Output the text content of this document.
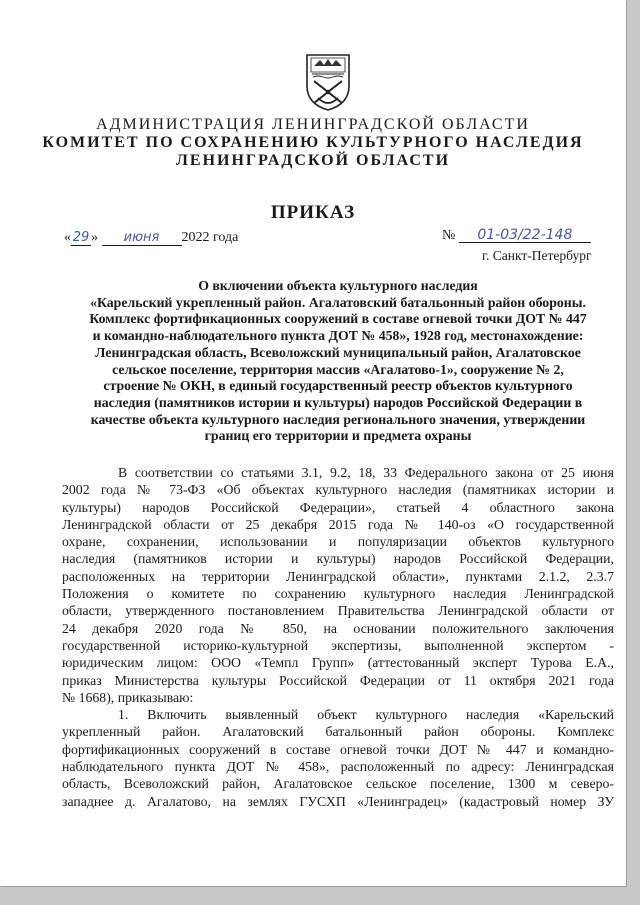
АДМИНИСТРАЦИЯ ЛЕНИНГРАДСКОЙ ОБЛАСТИ
КОМИТЕТ ПО СОХРАНЕНИЮ КУЛЬТУРНОГО НАСЛЕДИЯ
ЛЕНИНГРАДСКОЙ ОБЛАСТИ
ПРИКАЗ
« 29 » июня 2022 года	№ 01-03/22-148
г. Санкт-Петербург
О включении объекта культурного наследия
«Карельский укрепленный район. Агалатовский батальонный район обороны.
Комплекс фортификационных сооружений в составе огневой точки ДОТ № 447
и командно-наблюдательного пункта ДОТ № 458», 1928 год, местонахождение:
Ленинградская область, Всеволожский муниципальный район, Агалатовское
сельское поселение, территория массив «Агалатово-1», сооружение № 2,
строение № ОКН, в единый государственный реестр объектов культурного
наследия (памятников истории и культуры) народов Российской Федерации в
качестве объекта культурного наследия регионального значения, утверждении
границ его территории и предмета охраны
В соответствии со статьями 3.1, 9.2, 18, 33 Федерального закона от 25 июня
2002 года № 73-ФЗ «Об объектах культурного наследия (памятниках истории и
культуры) народов Российской Федерации», статьей 4 областного закона
Ленинградской области от 25 декабря 2015 года № 140-оз «О государственной
охране, сохранении, использовании и популяризации объектов культурного
наследия (памятников истории и культуры) народов Российской Федерации,
расположенных на территории Ленинградской области», пунктами 2.1.2, 2.3.7
Положения о комитете по сохранению культурного наследия Ленинградской
области, утвержденного постановлением Правительства Ленинградской области от
24 декабря 2020 года № 850, на основании положительного заключения
государственной историко-культурной экспертизы, выполненной экспертом -
юридическим лицом: ООО «Темпл Групп» (аттестованный эксперт Турова Е.А.,
приказ Министерства культуры Российской Федерации от 11 октября 2021 года
№ 1668), приказываю:
1. Включить выявленный объект культурного наследия «Карельский
укрепленный район. Агалатовский батальонный район обороны. Комплекс
фортификационных сооружений в составе огневой точки ДОТ № 447 и командно-
наблюдательного пункта ДОТ № 458», расположенный по адресу: Ленинградская
область, Всеволожский район, Агалатовское сельское поселение, 1300 м северо-
западнее д. Агалатово, на землях ГУСХП «Ленинградец» (кадастровый номер ЗУ
